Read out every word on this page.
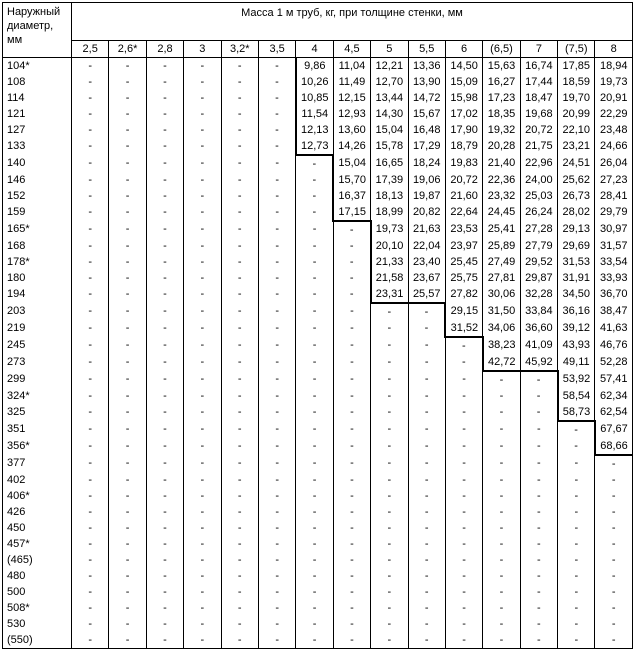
Наружный
диаметр,
мм	Масса 1 м труб, кг, при толщине стенки, мм														
	2,5	2,6*	2,8	3	3,2*	3,5	4	4,5	5	5,5	6	(6,5)	7	(7,5)	8
104*	-	-	-	-	-	-	9,86	11,04	12,21	13,36	14,50	15,63	16,74	17,85	18,94
108	-	-	-	-	-	-	10,26	11,49	12,70	13,90	15,09	16,27	17,44	18,59	19,73
114	-	-	-	-	-	-	10,85	12,15	13,44	14,72	15,98	17,23	18,47	19,70	20,91
121	-	-	-	-	-	-	11,54	12,93	14,30	15,67	17,02	18,35	19,68	20,99	22,29
127	-	-	-	-	-	-	12,13	13,60	15,04	16,48	17,90	19,32	20,72	22,10	23,48
133	-	-	-	-	-	-	12,73	14,26	15,78	17,29	18,79	20,28	21,75	23,21	24,66
140	-	-	-	-	-	-	-	15,04	16,65	18,24	19,83	21,40	22,96	24,51	26,04
146	-	-	-	-	-	-	-	15,70	17,39	19,06	20,72	22,36	24,00	25,62	27,23
152	-	-	-	-	-	-	-	16,37	18,13	19,87	21,60	23,32	25,03	26,73	28,41
159	-	-	-	-	-	-	-	17,15	18,99	20,82	22,64	24,45	26,24	28,02	29,79
165*	-	-	-	-	-	-	-	-	19,73	21,63	23,53	25,41	27,28	29,13	30,97
168	-	-	-	-	-	-	-	-	20,10	22,04	23,97	25,89	27,79	29,69	31,57
178*	-	-	-	-	-	-	-	-	21,33	23,40	25,45	27,49	29,52	31,53	33,54
180	-	-	-	-	-	-	-	-	21,58	23,67	25,75	27,81	29,87	31,91	33,93
194	-	-	-	-	-	-	-	-	23,31	25,57	27,82	30,06	32,28	34,50	36,70
203	-	-	-	-	-	-	-	-	-	-	29,15	31,50	33,84	36,16	38,47
219	-	-	-	-	-	-	-	-	-	-	31,52	34,06	36,60	39,12	41,63
245	-	-	-	-	-	-	-	-	-	-	-	38,23	41,09	43,93	46,76
273	-	-	-	-	-	-	-	-	-	-	-	42,72	45,92	49,11	52,28
299	-	-	-	-	-	-	-	-	-	-	-	-	-	53,92	57,41
324*	-	-	-	-	-	-	-	-	-	-	-	-	-	58,54	62,34
325	-	-	-	-	-	-	-	-	-	-	-	-	-	58,73	62,54
351	-	-	-	-	-	-	-	-	-	-	-	-	-	-	67,67
356*	-	-	-	-	-	-	-	-	-	-	-	-	-	-	68,66
377	-	-	-	-	-	-	-	-	-	-	-	-	-	-	-
402	-	-	-	-	-	-	-	-	-	-	-	-	-	-	-
406*	-	-	-	-	-	-	-	-	-	-	-	-	-	-	-
426	-	-	-	-	-	-	-	-	-	-	-	-	-	-	-
450	-	-	-	-	-	-	-	-	-	-	-	-	-	-	-
457*	-	-	-	-	-	-	-	-	-	-	-	-	-	-	-
(465)	-	-	-	-	-	-	-	-	-	-	-	-	-	-	-
480	-	-	-	-	-	-	-	-	-	-	-	-	-	-	-
500	-	-	-	-	-	-	-	-	-	-	-	-	-	-	-
508*	-	-	-	-	-	-	-	-	-	-	-	-	-	-	-
530	-	-	-	-	-	-	-	-	-	-	-	-	-	-	-
(550)	-	-	-	-	-	-	-	-	-	-	-	-	-	-	-
